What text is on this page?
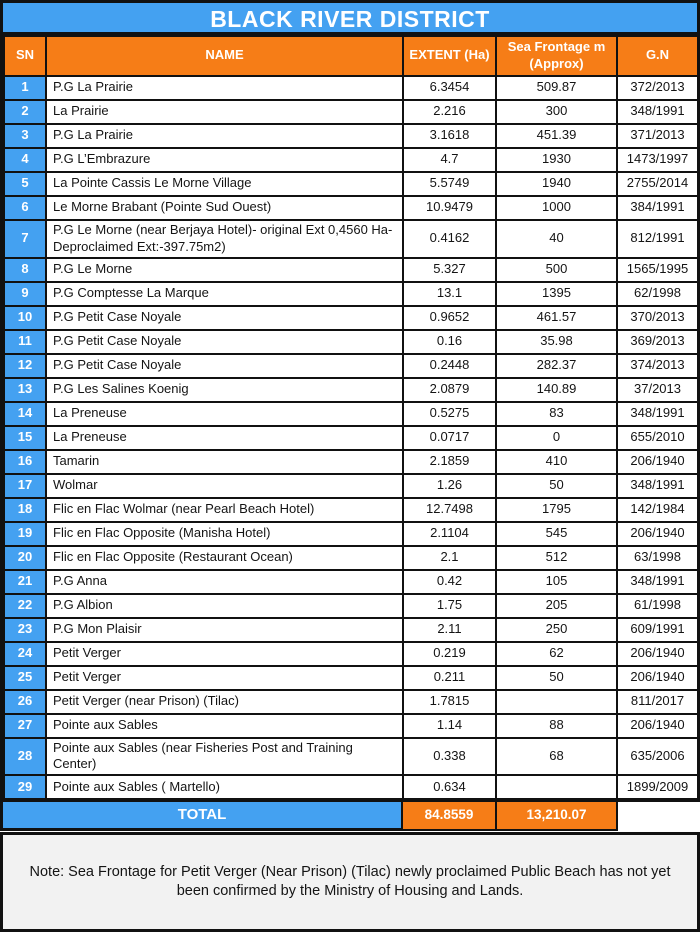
BLACK RIVER DISTRICT
SN	NAME	EXTENT (Ha)	Sea Frontage m (Approx)	G.N
1	P.G La Prairie	6.3454	509.87	372/2013
2	La Prairie	2.216	300	348/1991
3	P.G La Prairie	3.1618	451.39	371/2013
4	P.G L’Embrazure	4.7	1930	1473/1997
5	La Pointe Cassis Le Morne Village	5.5749	1940	2755/2014
6	Le Morne Brabant (Pointe Sud Ouest)	10.9479	1000	384/1991
7	P.G Le Morne (near Berjaya Hotel)- original Ext 0,4560 Ha- Deproclaimed Ext:-397.75m2)	0.4162	40	812/1991
8	P.G Le Morne	5.327	500	1565/1995
9	P.G Comptesse La Marque	13.1	1395	62/1998
10	P.G Petit Case Noyale	0.9652	461.57	370/2013
11	P.G Petit Case Noyale	0.16	35.98	369/2013
12	P.G Petit Case Noyale	0.2448	282.37	374/2013
13	P.G Les Salines Koenig	2.0879	140.89	37/2013
14	La Preneuse	0.5275	83	348/1991
15	La Preneuse	0.0717	0	655/2010
16	Tamarin	2.1859	410	206/1940
17	Wolmar	1.26	50	348/1991
18	Flic en Flac Wolmar (near Pearl Beach Hotel)	12.7498	1795	142/1984
19	Flic en Flac Opposite (Manisha Hotel)	2.1104	545	206/1940
20	Flic en Flac Opposite (Restaurant Ocean)	2.1	512	63/1998
21	P.G Anna	0.42	105	348/1991
22	P.G Albion	1.75	205	61/1998
23	P.G Mon Plaisir	2.11	250	609/1991
24	Petit Verger	0.219	62	206/1940
25	Petit Verger	0.211	50	206/1940
26	Petit Verger (near Prison) (Tilac)	1.7815		811/2017
27	Pointe aux Sables	1.14	88	206/1940
28	Pointe aux Sables (near Fisheries Post and Training Center)	0.338	68	635/2006
29	Pointe aux Sables ( Martello)	0.634		1899/2009
TOTAL	84.8559	13,210.07
Note: Sea Frontage for Petit Verger (Near Prison) (Tilac) newly proclaimed Public Beach has not yet been confirmed by the Ministry of Housing and Lands.
